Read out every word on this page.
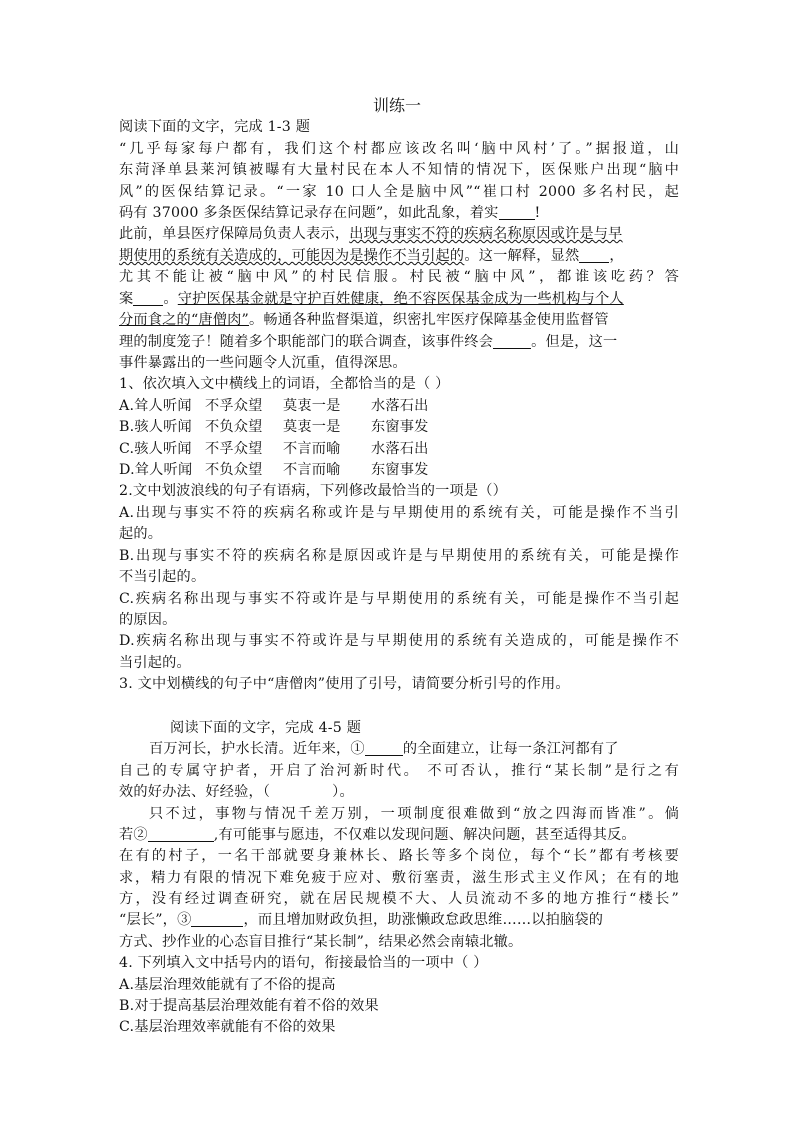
训练一
阅读下面的文字，完成 1-3 题
“几乎每家每户都有，我们这个村都应该改名叫‘脑中风村’了。”据报道，山
东菏泽单县莱河镇被曝有大量村民在本人不知情的情况下，医保账户出现“脑中
风”的医保结算记录。“一家 10 口人全是脑中风”“崔口村 2000 多名村民，起
码有 37000 多条医保结算记录存在问题”，如此乱象，着实	!
此前，单县医疗保障局负责人表示，出现与事实不符的疾病名称原因或许是与早
期使用的系统有关造成的，可能因为是操作不当引起的。这一解释，显然 ，
尤其不能让被“脑中风”的村民信服。村民被“脑中风”，都谁该吃药？答
案 。守护医保基金就是守护百姓健康，绝不容医保基金成为一些机构与个人
分而食之的“唐僧肉”。畅通各种监督渠道，织密扎牢医疗保障基金使用监督管
理的制度笼子！随着多个职能部门的联合调查，该事件终会	。但是，这一
事件暴露出的一些问题令人沉重，值得深思。
1、依次填入文中横线上的词语，全都恰当的是（ ）
A.耸人听闻 不孚众望 莫衷一是 水落石出
B.骇人听闻 不负众望 莫衷一是 东窗事发
C.骇人听闻 不孚众望 不言而喻 水落石出
D.耸人听闻 不负众望 不言而喻 东窗事发
2.文中划波浪线的句子有语病，下列修改最恰当的一项是（）
A.出现与事实不符的疾病名称或许是与早期使用的系统有关，可能是操作不当引
起的。
B.出现与事实不符的疾病名称是原因或许是与早期使用的系统有关，可能是操作
不当引起的。
C.疾病名称出现与事实不符或许是与早期使用的系统有关，可能是操作不当引起
的原因。
D.疾病名称出现与事实不符或许是与早期使用的系统有关造成的，可能是操作不
当引起的。
3. 文中划横线的句子中“唐僧肉”使用了引号，请简要分析引号的作用。
阅读下面的文字，完成 4-5 题
百万河长，护水长清。近年来，①	的全面建立，让每一条江河都有了
自己的专属守护者，开启了治河新时代。 不可否认，推行“某长制”是行之有
效的好办法、好经验，（	）。
只不过，事物与情况千差万别，一项制度很难做到“放之四海而皆准”。倘
若②	,有可能事与愿违，不仅难以发现问题、解决问题，甚至适得其反。
在有的村子，一名干部就要身兼林长、路长等多个岗位，每个“长”都有考核要
求，精力有限的情况下难免疲于应对、敷衍塞责，滋生形式主义作风；在有的地
方，没有经过调查研究，就在居民规模不大、人员流动不多的地方推行“楼长”
“层长”，③	，而且增加财政负担，助涨懒政怠政思维……以拍脑袋的
方式、抄作业的心态盲目推行“某长制”，结果必然会南辕北辙。
4. 下列填入文中括号内的语句，衔接最恰当的一项中（ ）
A.基层治理效能就有了不俗的提高
B.对于提高基层治理效能有着不俗的效果
C.基层治理效率就能有不俗的效果
